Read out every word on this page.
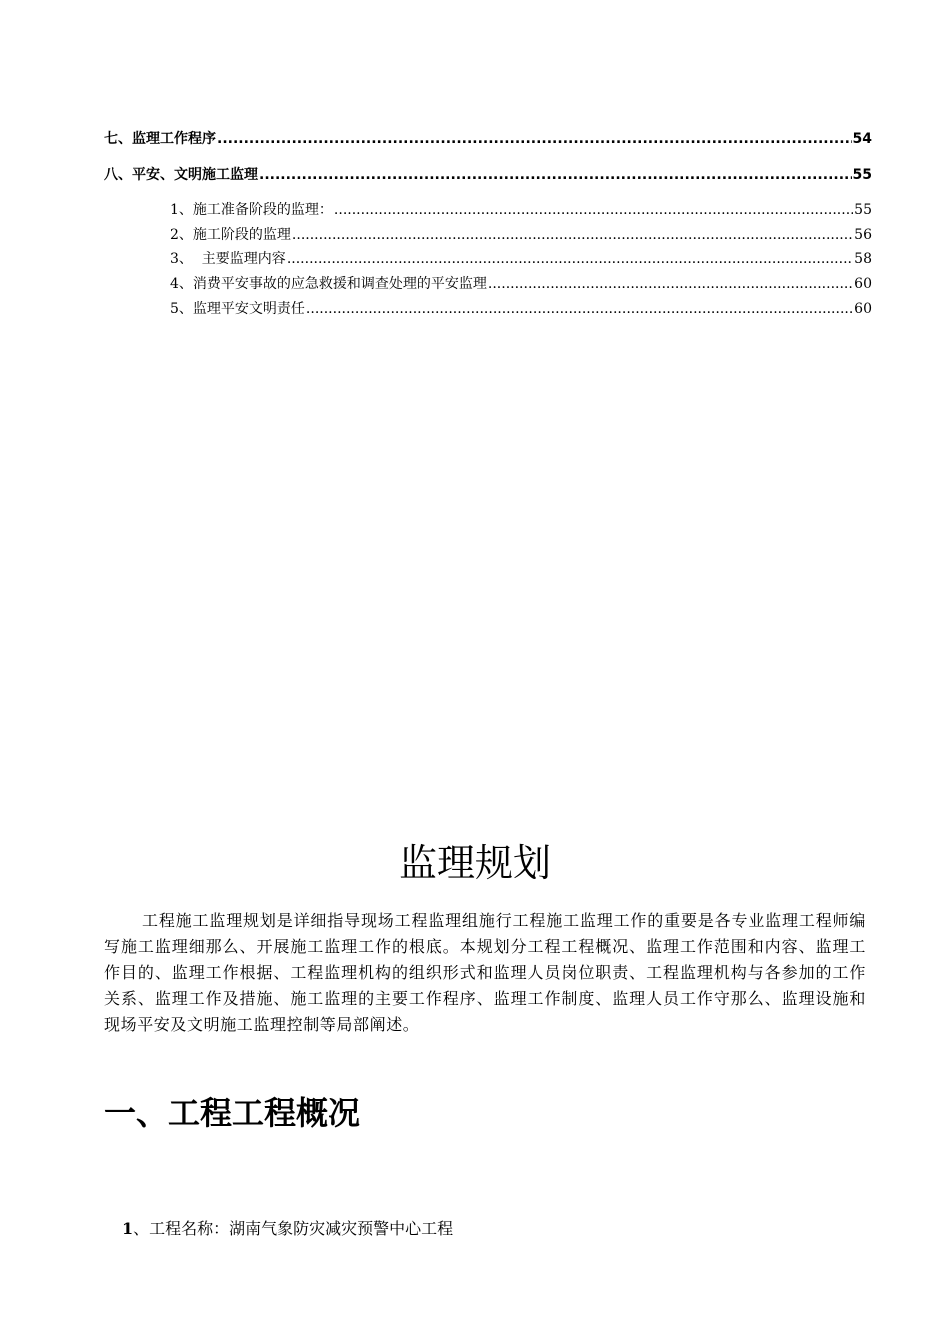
七、监理工作程序 .....	54
八、平安、文明施工监理 .....	55
1、施工准备阶段的监理： .....	55
2、施工阶段的监理 .....	56
3、  主要监理内容 .....	58
4、消费平安事故的应急救援和调查处理的平安监理 .....	60
5、监理平安文明责任 .....	60
监理规划
工程施工监理规划是详细指导现场工程监理组施行工程施工监理工作的重要是各专业监理工程师编写施工监理细那么、开展施工监理工作的根底。本规划分工程工程概况、监理工作范围和内容、监理工作目的、监理工作根据、工程监理机构的组织形式和监理人员岗位职责、工程监理机构与各参加的工作关系、监理工作及措施、施工监理的主要工作程序、监理工作制度、监理人员工作守那么、监理设施和现场平安及文明施工监理控制等局部阐述。
一、工程工程概况
1、工程名称：湖南气象防灾减灾预警中心工程
